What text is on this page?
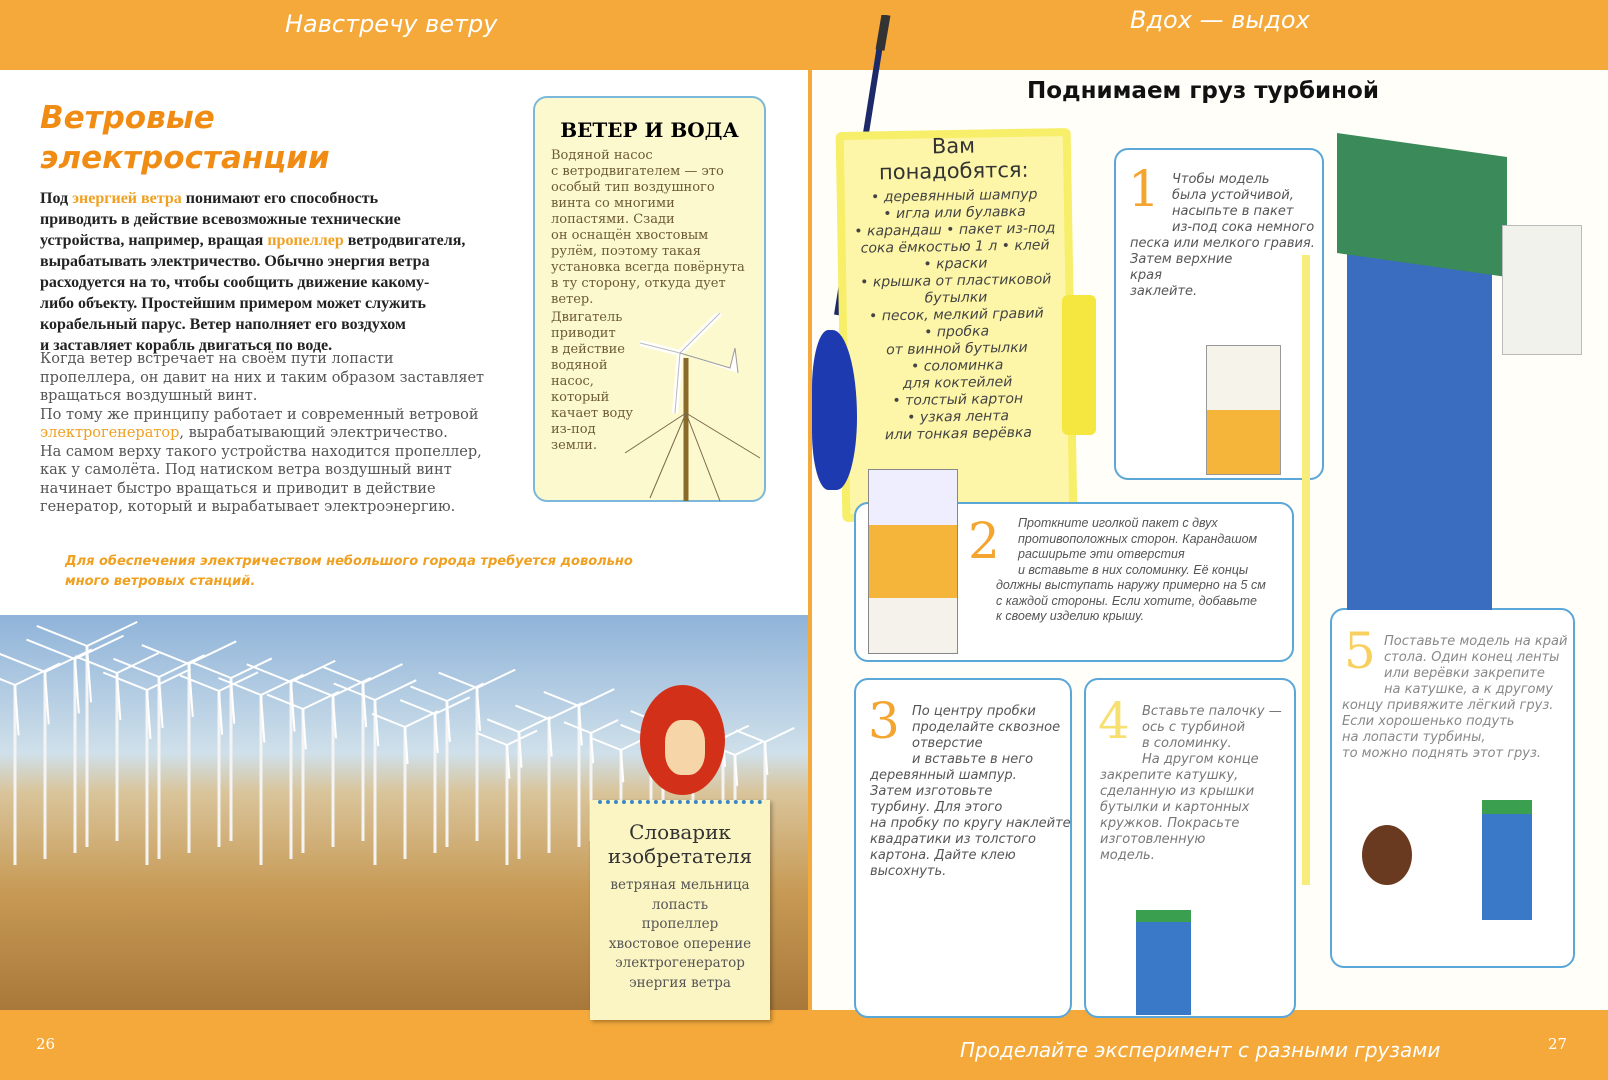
Навстречу ветру	Вдох — выдох
Ветровые
электростанции
Под энергией ветра понимают его способность
приводить в действие всевозможные технические
устройства, например, вращая пропеллер ветродвигателя,
вырабатывать электричество. Обычно энергия ветра
расходуется на то, чтобы сообщить движение какому-
либо объекту. Простейшим примером может служить
корабельный парус. Ветер наполняет его воздухом
и заставляет корабль двигаться по воде.
Когда ветер встречает на своём пути лопасти
пропеллера, он давит на них и таким образом заставляет
вращаться воздушный винт.
По тому же принципу работает и современный ветровой
электрогенератор, вырабатывающий электричество.
На самом верху такого устройства находится пропеллер,
как у самолёта. Под натиском ветра воздушный винт
начинает быстро вращаться и приводит в действие
генератор, который и вырабатывает электроэнергию.
ВЕТЕР И ВОДА
Водяной насос
с ветродвигателем — это
особый тип воздушного
винта со многими
лопастями. Сзади
он оснащён хвостовым
рулём, поэтому такая
установка всегда повёрнута
в ту сторону, откуда дует
ветер.
Двигатель
приводит
в действие
водяной
насос,
который
качает воду
из-под
земли.
Для обеспечения электричеством небольшого города требуется довольно
много ветровых станций.
Словарик
изобретателя
ветряная мельница
лопасть
пропеллер
хвостовое оперение
электрогенератор
энергия ветра
Поднимаем груз турбиной
Вам
понадобятся:
• деревянный шампур
• игла или булавка
• карандаш • пакет из-под
сока ёмкостью 1 л • клей
• краски
• крышка от пластиковой
бутылки
• песок, мелкий гравий
• пробка
от винной бутылки
• соломинка
для коктейлей
• толстый картон
• узкая лента
или тонкая верёвка
1 Чтобы модель
была устойчивой,
насыпьте в пакет
из-под сока немного
песка или мелкого гравия.
Затем верхние
края
заклейте.
2	Проткните иголкой пакет с двух
противоположных сторон. Карандашом
расширьте эти отверстия
и вставьте в них соломинку. Её концы
должны выступать наружу примерно на 5 см
с каждой стороны. Если хотите, добавьте
к своему изделию крышу.
3 По центру пробки
проделайте сквозное
отверстие
и вставьте в него
деревянный шампур.
Затем изготовьте
турбину. Для этого
на пробку по кругу наклейте
квадратики из толстого
картона. Дайте клею
высохнуть.
4 Вставьте палочку —
ось с турбиной
в соломинку.
На другом конце
закрепите катушку,
сделанную из крышки
бутылки и картонных
кружков. Покрасьте
изготовленную
модель.
5 Поставьте модель на край
стола. Один конец ленты
или верёвки закрепите
на катушке, а к другому
концу привяжите лёгкий груз.
Если хорошенько подуть
на лопасти турбины,
то можно поднять этот груз.
26	Проделайте эксперимент с разными грузами	27
